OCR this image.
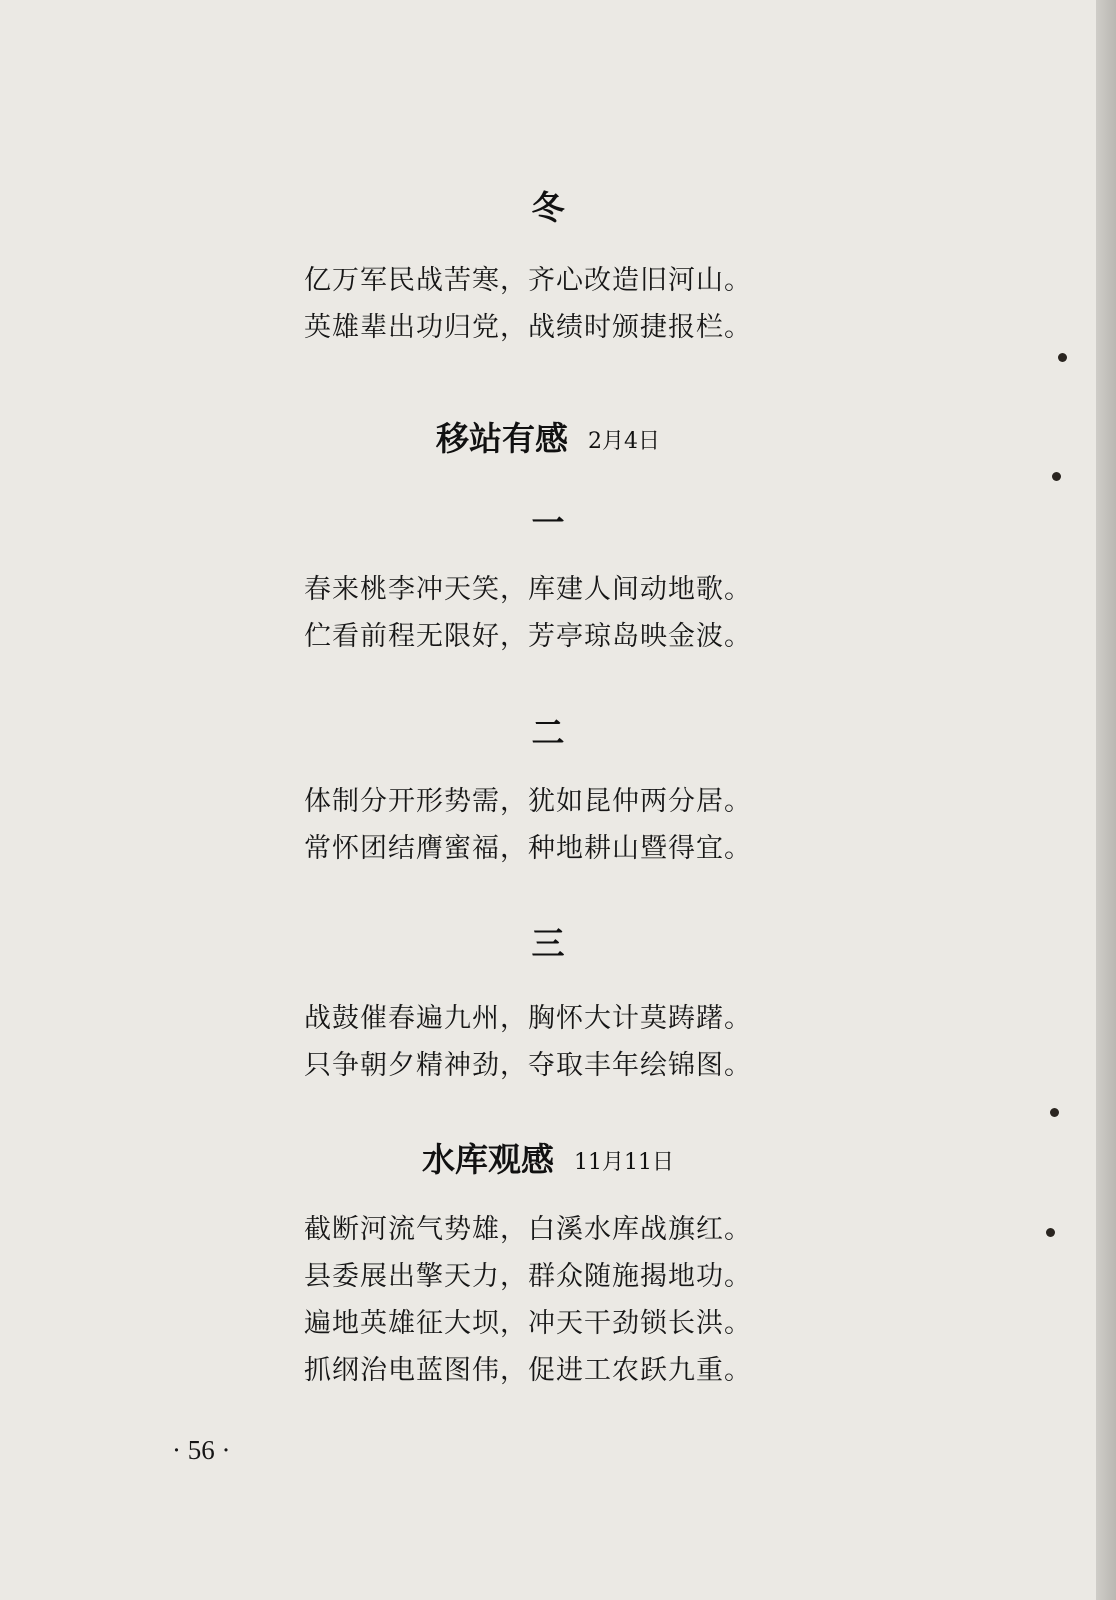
冬
亿万军民战苦寒，齐心改造旧河山。
英雄辈出功归党，战绩时颁捷报栏。
移站有感 2月4日
一
春来桃李冲天笑，库建人间动地歌。
伫看前程无限好，芳亭琼岛映金波。
二
体制分开形势需，犹如昆仲两分居。
常怀团结膺蜜福，种地耕山暨得宜。
三
战鼓催春遍九州，胸怀大计莫踌躇。
只争朝夕精神劲，夺取丰年绘锦图。
水库观感 11月11日
截断河流气势雄，白溪水库战旗红。
县委展出擎天力，群众随施揭地功。
遍地英雄征大坝，冲天干劲锁长洪。
抓纲治电蓝图伟，促进工农跃九重。
· 56 ·
